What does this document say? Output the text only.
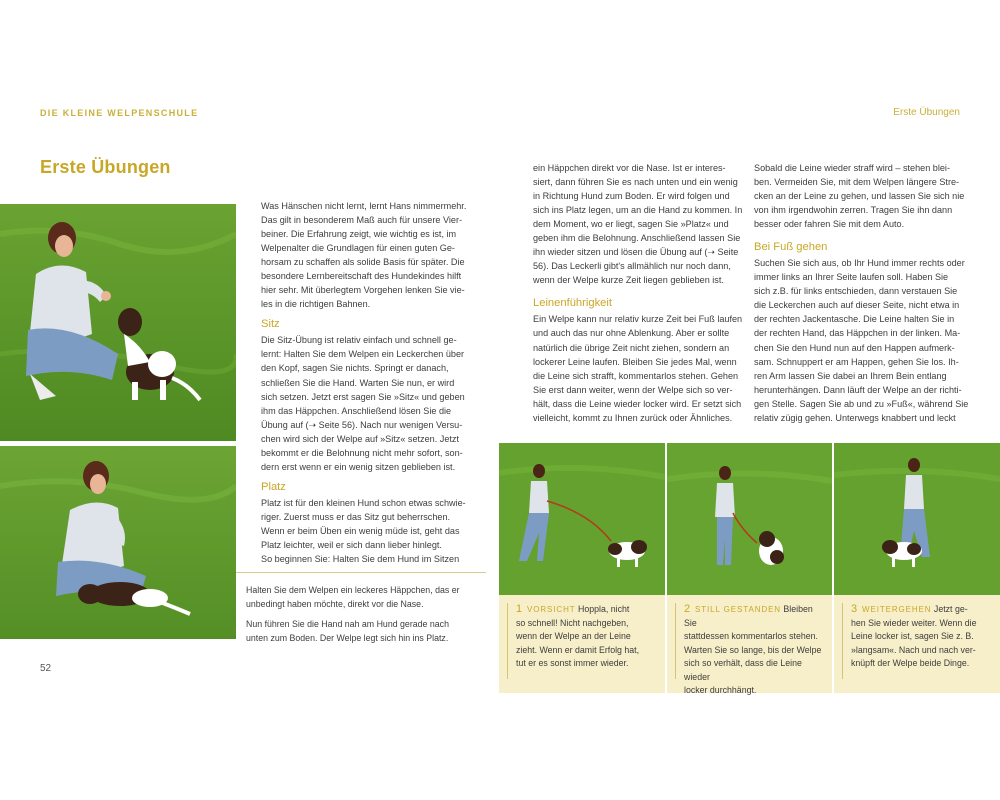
DIE KLEINE WELPENSCHULE	Erste Übungen
Erste Übungen

Was Hänschen nicht lernt, lernt Hans nimmermehr.

Das gilt in besonderem Maß auch für unsere Vier-

beiner. Die Erfahrung zeigt, wie wichtig es ist, im

Welpenalter die Grundlagen für einen guten Ge-

horsam zu schaffen als solide Basis für später. Die

besondere Lernbereitschaft des Hundekindes hilft

hier sehr. Mit überlegtem Vorgehen lenken Sie vie-

les in die richtigen Bahnen.

Sitz

Die Sitz-Übung ist relativ einfach und schnell ge-

lernt: Halten Sie dem Welpen ein Leckerchen über

den Kopf, sagen Sie nichts. Springt er danach,

schließen Sie die Hand. Warten Sie nun, er wird

sich setzen. Jetzt erst sagen Sie »Sitz« und geben

ihm das Häppchen. Anschließend lösen Sie die

Übung auf (➝ Seite 56). Nach nur wenigen Versu-

chen wird sich der Welpe auf »Sitz« setzen. Jetzt

bekommt er die Belohnung nicht mehr sofort, son-

dern erst wenn er ein wenig sitzen geblieben ist.

Platz

Platz ist für den kleinen Hund schon etwas schwie-

riger. Zuerst muss er das Sitz gut beherrschen.

Wenn er beim Üben ein wenig müde ist, geht das

Platz leichter, weil er sich dann lieber hinlegt.

So beginnen Sie: Halten Sie dem Hund im Sitzen

Halten Sie dem Welpen ein leckeres Häppchen, das er
unbedingt haben möchte, direkt vor die Nase.

Nun führen Sie die Hand nah am Hund gerade nach
unten zum Boden. Der Welpe legt sich hin ins Platz.

52

ein Häppchen direkt vor die Nase. Ist er interes-

siert, dann führen Sie es nach unten und ein wenig

in Richtung Hund zum Boden. Er wird folgen und

sich ins Platz legen, um an die Hand zu kommen. In

dem Moment, wo er liegt, sagen Sie »Platz« und

geben ihm die Belohnung. Anschließend lassen Sie

ihn wieder sitzen und lösen die Übung auf (➝ Seite

56). Das Leckerli gibt's allmählich nur noch dann,

wenn der Welpe kurze Zeit liegen geblieben ist.

Leinenführigkeit

Ein Welpe kann nur relativ kurze Zeit bei Fuß laufen

und auch das nur ohne Ablenkung. Aber er sollte

natürlich die übrige Zeit nicht ziehen, sondern an

lockerer Leine laufen. Bleiben Sie jedes Mal, wenn

die Leine sich strafft, kommentarlos stehen. Gehen

Sie erst dann weiter, wenn der Welpe sich so ver-

hält, dass die Leine wieder locker wird. Er setzt sich

vielleicht, kommt zu Ihnen zurück oder Ähnliches.

Sobald die Leine wieder straff wird – stehen blei-

ben. Vermeiden Sie, mit dem Welpen längere Stre-

cken an der Leine zu gehen, und lassen Sie sich nie

von ihm irgendwohin zerren. Tragen Sie ihn dann

besser oder fahren Sie mit dem Auto.

Bei Fuß gehen

Suchen Sie sich aus, ob Ihr Hund immer rechts oder

immer links an Ihrer Seite laufen soll. Haben Sie

sich z.B. für links entschieden, dann verstauen Sie

die Leckerchen auch auf dieser Seite, nicht etwa in

der rechten Jackentasche. Die Leine halten Sie in

der rechten Hand, das Häppchen in der linken. Ma-

chen Sie den Hund nun auf den Happen aufmerk-

sam. Schnuppert er am Happen, gehen Sie los. Ih-

ren Arm lassen Sie dabei an Ihrem Bein entlang

herunterhängen. Dann läuft der Welpe an der richti-

gen Stelle. Sagen Sie ab und zu »Fuß«, während Sie

relativ zügig gehen. Unterwegs knabbert und leckt

1 VORSICHT Hoppla, nicht
so schnell! Nicht nachgeben,
wenn der Welpe an der Leine
zieht. Wenn er damit Erfolg hat,
tut er es sonst immer wieder.
2 STILL GESTANDEN Bleiben Sie
stattdessen kommentarlos stehen.
Warten Sie so lange, bis der Welpe
sich so verhält, dass die Leine wieder
locker durchhängt.
3 WEITERGEHEN Jetzt ge-
hen Sie wieder weiter. Wenn die
Leine locker ist, sagen Sie z. B.
»langsam«. Nach und nach ver-
knüpft der Welpe beide Dinge.
